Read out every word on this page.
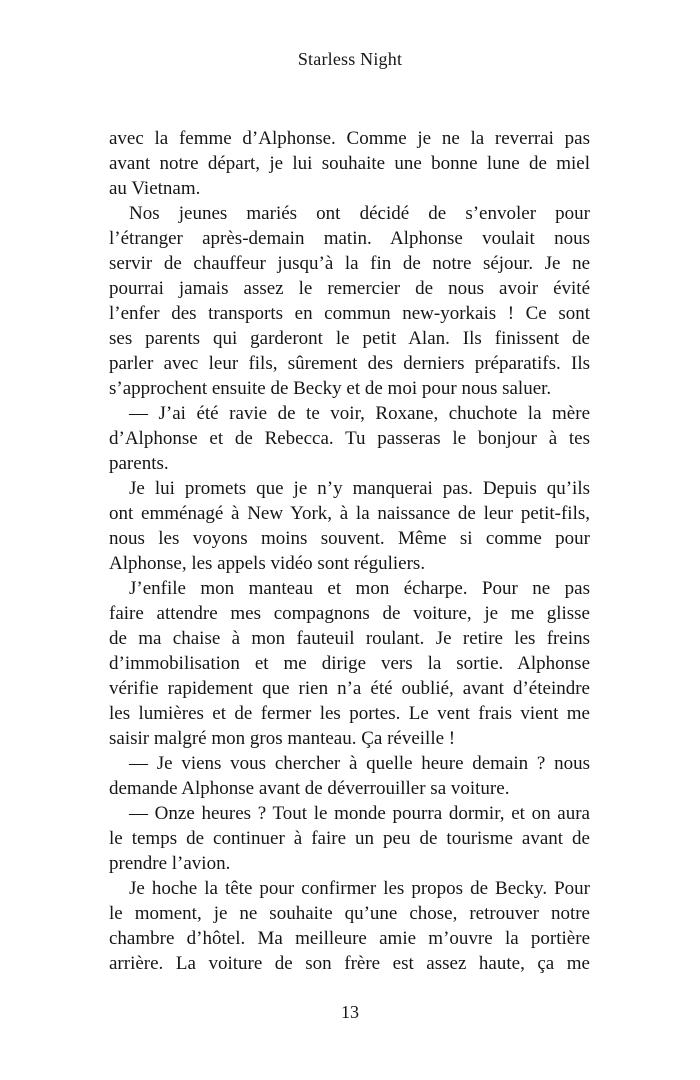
Starless Night
avec la femme d’Alphonse. Comme je ne la reverrai pas
avant notre départ, je lui souhaite une bonne lune de miel
au Vietnam.
Nos jeunes mariés ont décidé de s’envoler pour
l’étranger après-demain matin. Alphonse voulait nous
servir de chauffeur jusqu’à la fin de notre séjour. Je ne
pourrai jamais assez le remercier de nous avoir évité
l’enfer des transports en commun new-yorkais ! Ce sont
ses parents qui garderont le petit Alan. Ils finissent de
parler avec leur fils, sûrement des derniers préparatifs. Ils
s’approchent ensuite de Becky et de moi pour nous saluer.
— J’ai été ravie de te voir, Roxane, chuchote la mère
d’Alphonse et de Rebecca. Tu passeras le bonjour à tes
parents.
Je lui promets que je n’y manquerai pas. Depuis qu’ils
ont emménagé à New York, à la naissance de leur petit-fils,
nous les voyons moins souvent. Même si comme pour
Alphonse, les appels vidéo sont réguliers.
J’enfile mon manteau et mon écharpe. Pour ne pas
faire attendre mes compagnons de voiture, je me glisse
de ma chaise à mon fauteuil roulant. Je retire les freins
d’immobilisation et me dirige vers la sortie. Alphonse
vérifie rapidement que rien n’a été oublié, avant d’éteindre
les lumières et de fermer les portes. Le vent frais vient me
saisir malgré mon gros manteau. Ça réveille !
— Je viens vous chercher à quelle heure demain ? nous
demande Alphonse avant de déverrouiller sa voiture.
— Onze heures ? Tout le monde pourra dormir, et on aura
le temps de continuer à faire un peu de tourisme avant de
prendre l’avion.
Je hoche la tête pour confirmer les propos de Becky. Pour
le moment, je ne souhaite qu’une chose, retrouver notre
chambre d’hôtel. Ma meilleure amie m’ouvre la portière
arrière. La voiture de son frère est assez haute, ça me
13
